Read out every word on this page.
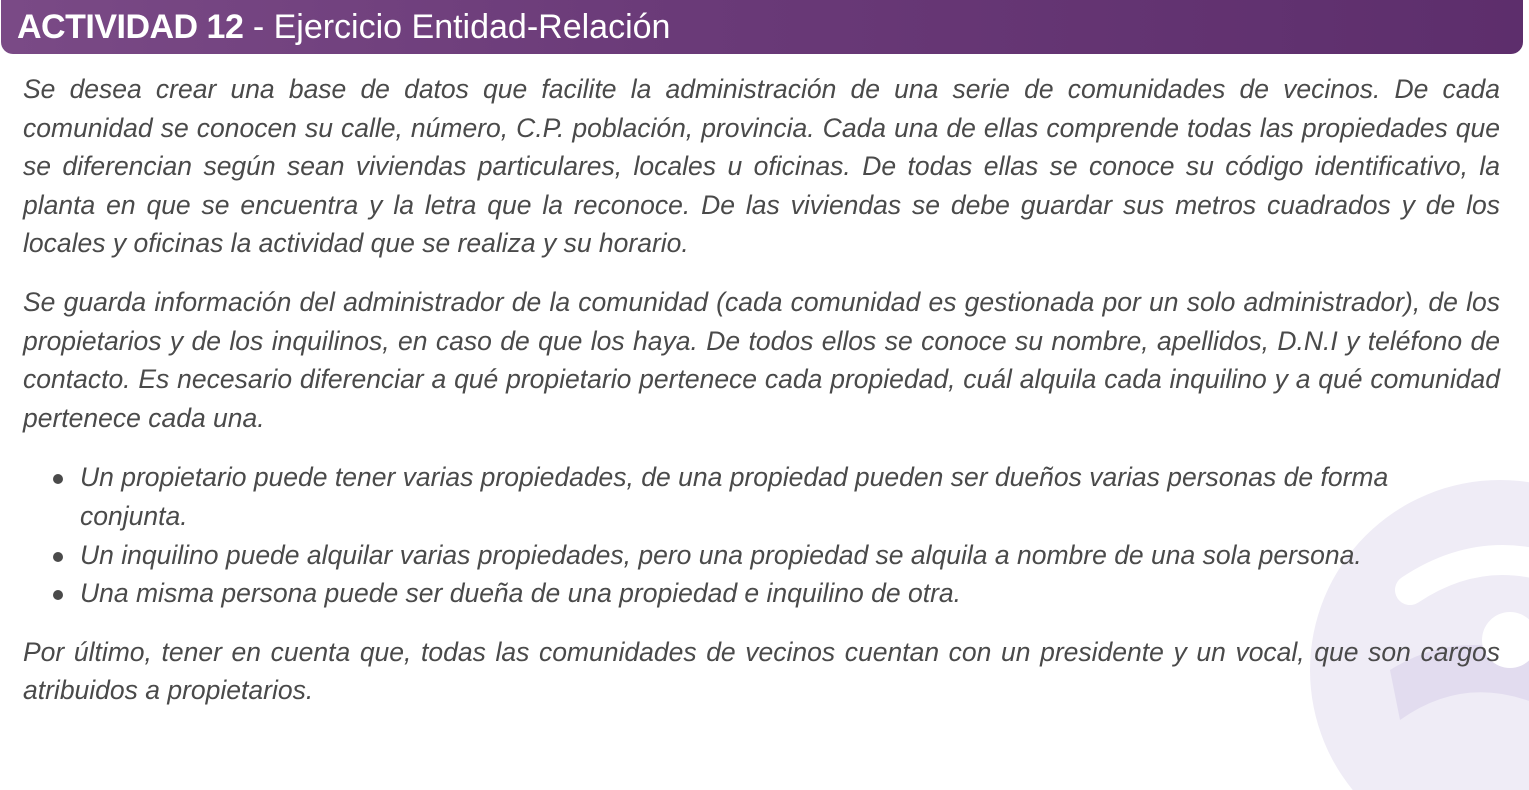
ACTIVIDAD 12 - Ejercicio Entidad-Relación

Se desea crear una base de datos que facilite la administración de una serie de comunidades de vecinos. De cada comunidad se conocen su calle, número, C.P. población, provincia. Cada una de ellas comprende todas las propiedades que se diferencian según sean viviendas particulares, locales u oficinas. De todas ellas se conoce su código identificativo, la planta en que se encuentra y la letra que la reconoce. De las viviendas se debe guardar sus metros cuadrados y de los locales y oficinas la actividad que se realiza y su horario.

Se guarda información del administrador de la comunidad (cada comunidad es gestionada por un solo administrador), de los propietarios y de los inquilinos, en caso de que los haya. De todos ellos se conoce su nombre, apellidos, D.N.I y teléfono de contacto. Es necesario diferenciar a qué propietario pertenece cada propiedad, cuál alquila cada inquilino y a qué comunidad pertenece cada una.

Un propietario puede tener varias propiedades, de una propiedad pueden ser dueños varias personas de forma conjunta.
Un inquilino puede alquilar varias propiedades, pero una propiedad se alquila a nombre de una sola persona.
Una misma persona puede ser dueña de una propiedad e inquilino de otra.

Por último, tener en cuenta que, todas las comunidades de vecinos cuentan con un presidente y un vocal, que son cargos atribuidos a propietarios.
